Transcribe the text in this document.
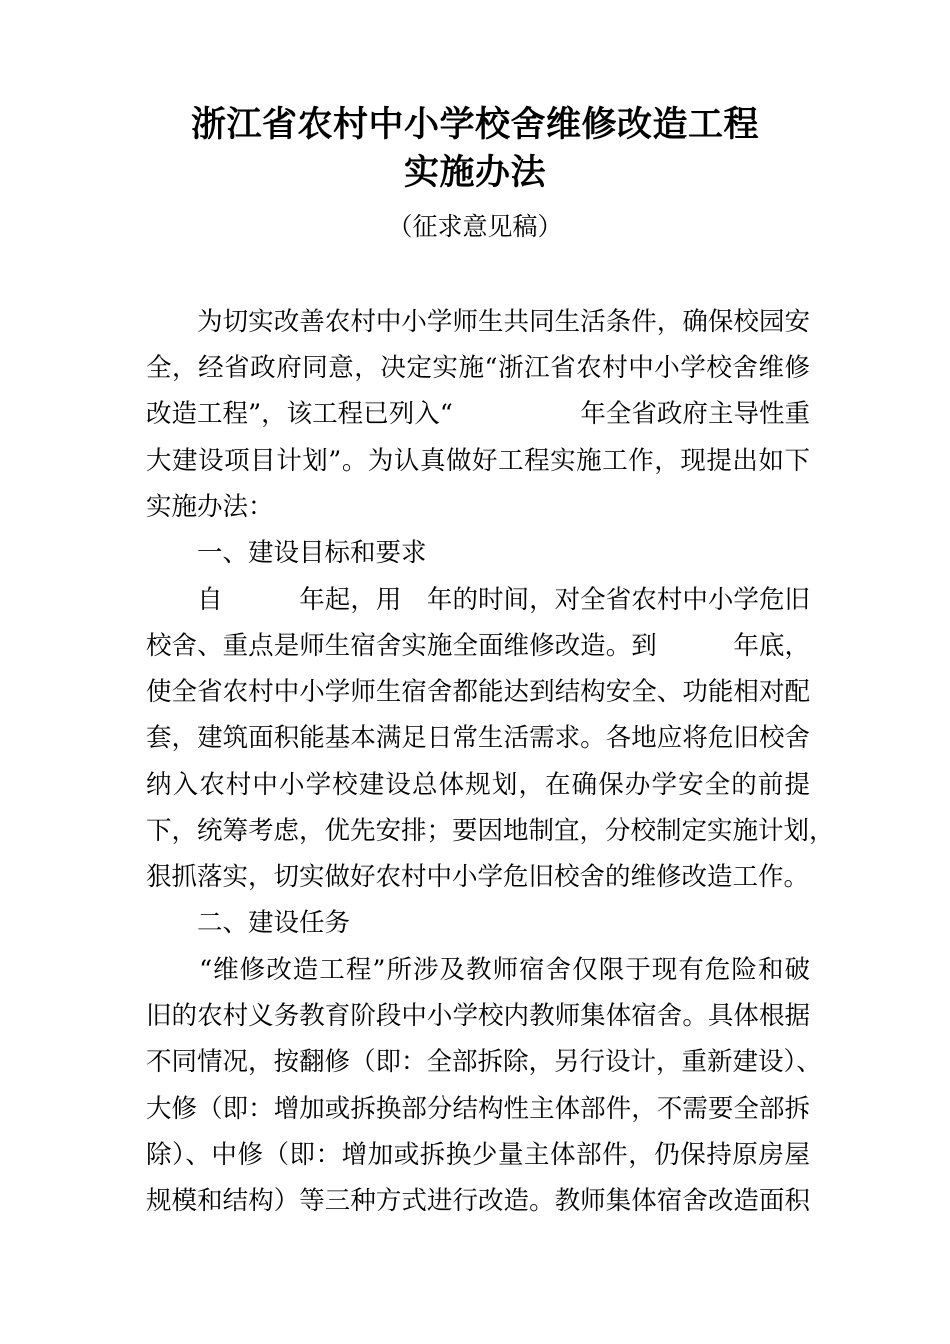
浙江省农村中小学校舍维修改造工程
实施办法
（征求意见稿）
　　为切实改善农村中小学师生共同生活条件，确保校园安
全，经省政府同意，决定实施“浙江省农村中小学校舍维修
改造工程”，该工程已列入“　　　　　年全省政府主导性重
大建设项目计划”。为认真做好工程实施工作，现提出如下
实施办法：
　　一、建设目标和要求
　　自　　　年起，用　年的时间，对全省农村中小学危旧
校舍、重点是师生宿舍实施全面维修改造。到　　　年底，
使全省农村中小学师生宿舍都能达到结构安全、功能相对配
套，建筑面积能基本满足日常生活需求。各地应将危旧校舍
纳入农村中小学校建设总体规划，在确保办学安全的前提
下，统筹考虑，优先安排；要因地制宜，分校制定实施计划，
狠抓落实，切实做好农村中小学危旧校舍的维修改造工作。
　　二、建设任务
　　“维修改造工程”所涉及教师宿舍仅限于现有危险和破
旧的农村义务教育阶段中小学校内教师集体宿舍。具体根据
不同情况，按翻修（即：全部拆除，另行设计，重新建设）、
大修（即：增加或拆换部分结构性主体部件，不需要全部拆
除）、中修（即：增加或拆换少量主体部件，仍保持原房屋
规模和结构）等三种方式进行改造。教师集体宿舍改造面积
